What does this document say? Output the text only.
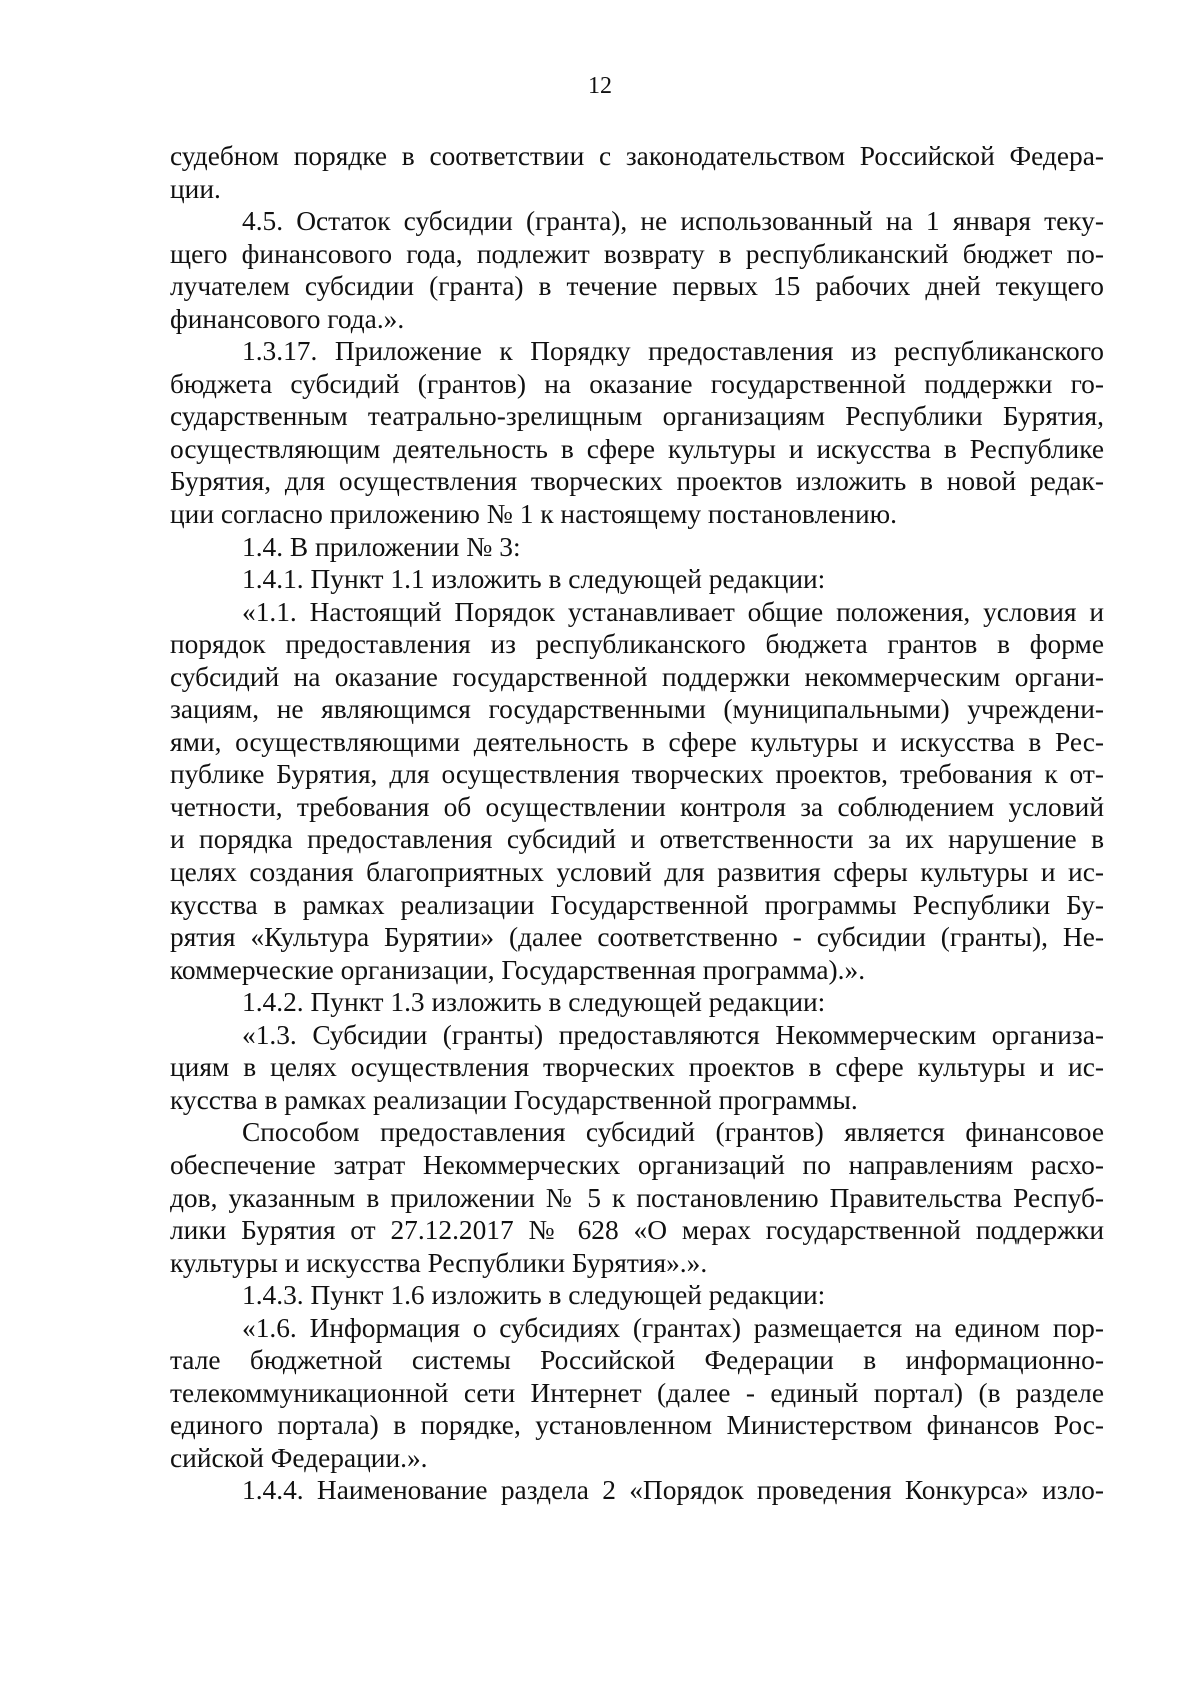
12
судебном порядке в соответствии с законодательством Российской Федера-
ции.
4.5. Остаток субсидии (гранта), не использованный на 1 января теку-
щего финансового года, подлежит возврату в республиканский бюджет по-
лучателем субсидии (гранта) в течение первых 15 рабочих дней текущего
финансового года.».
1.3.17. Приложение к Порядку предоставления из республиканского
бюджета субсидий (грантов) на оказание государственной поддержки го-
сударственным театрально-зрелищным организациям Республики Бурятия,
осуществляющим деятельность в сфере культуры и искусства в Республике
Бурятия, для осуществления творческих проектов изложить в новой редак-
ции согласно приложению № 1 к настоящему постановлению.
1.4. В приложении № 3:
1.4.1. Пункт 1.1 изложить в следующей редакции:
«1.1. Настоящий Порядок устанавливает общие положения, условия и
порядок предоставления из республиканского бюджета грантов в форме
субсидий на оказание государственной поддержки некоммерческим органи-
зациям, не являющимся государственными (муниципальными) учреждени-
ями, осуществляющими деятельность в сфере культуры и искусства в Рес-
публике Бурятия, для осуществления творческих проектов, требования к от-
четности, требования об осуществлении контроля за соблюдением условий
и порядка предоставления субсидий и ответственности за их нарушение в
целях создания благоприятных условий для развития сферы культуры и ис-
кусства в рамках реализации Государственной программы Республики Бу-
рятия «Культура Бурятии» (далее соответственно - субсидии (гранты), Не-
коммерческие организации, Государственная программа).».
1.4.2. Пункт 1.3 изложить в следующей редакции:
«1.3. Субсидии (гранты) предоставляются Некоммерческим организа-
циям в целях осуществления творческих проектов в сфере культуры и ис-
кусства в рамках реализации Государственной программы.
Способом предоставления субсидий (грантов) является финансовое
обеспечение затрат Некоммерческих организаций по направлениям расхо-
дов, указанным в приложении № 5 к постановлению Правительства Респуб-
лики Бурятия от 27.12.2017 № 628 «О мерах государственной поддержки
культуры и искусства Республики Бурятия».».
1.4.3. Пункт 1.6 изложить в следующей редакции:
«1.6. Информация о субсидиях (грантах) размещается на едином пор-
тале бюджетной системы Российской Федерации в информационно-
телекоммуникационной сети Интернет (далее - единый портал) (в разделе
единого портала) в порядке, установленном Министерством финансов Рос-
сийской Федерации.».
1.4.4. Наименование раздела 2 «Порядок проведения Конкурса» изло-
